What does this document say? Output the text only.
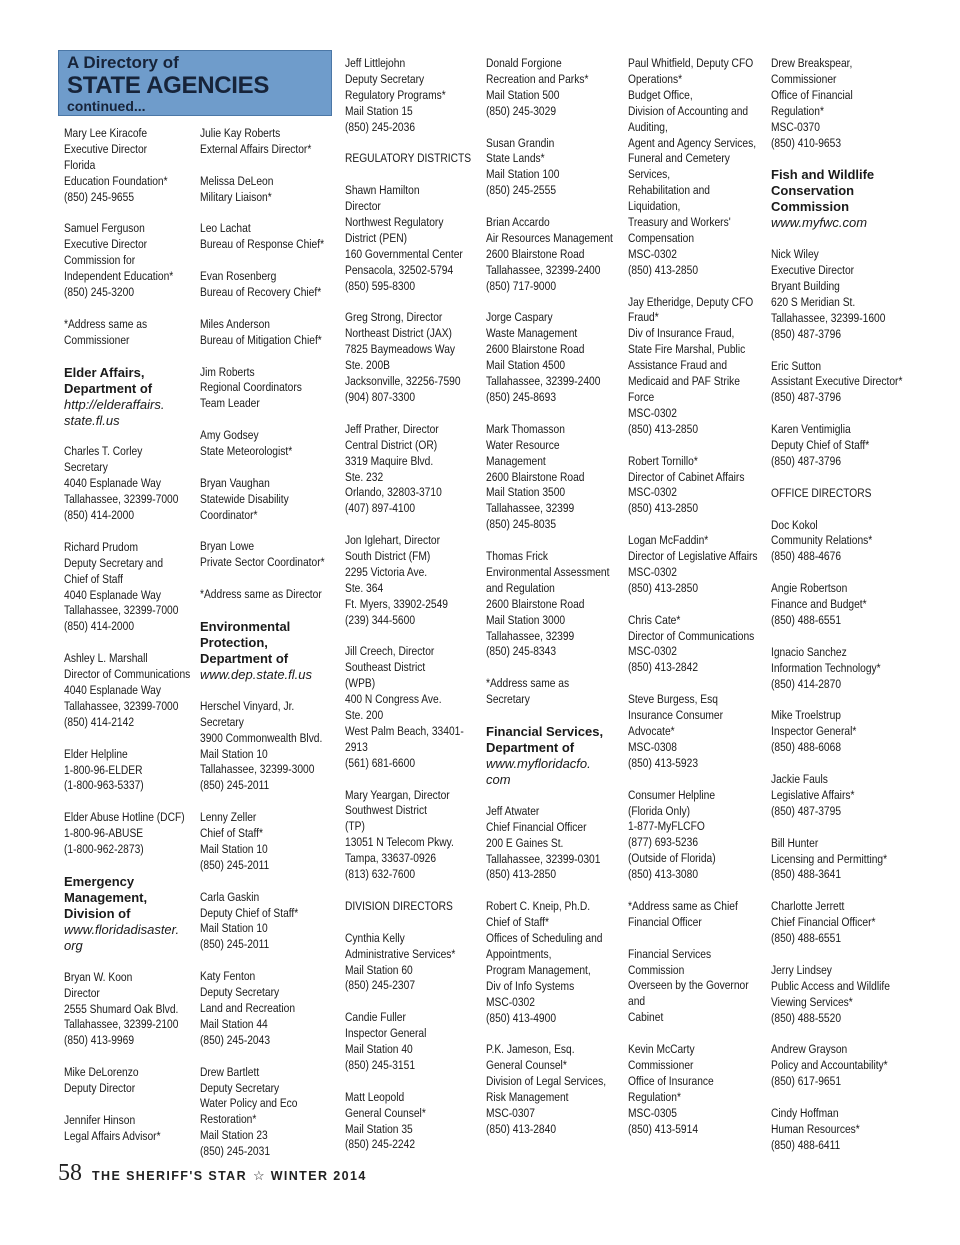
A Directory of
STATE AGENCIES
continued...
Mary Lee Kiracofe
Executive Director
Florida
Education Foundation*
(850) 245-9655
Samuel Ferguson
Executive Director
Commission for
Independent Education*
(850) 245-3200
*Address same as
Commissioner
Elder Affairs,
Department of
http://elderaffairs.
state.fl.us
Charles T. Corley
Secretary
4040 Esplanade Way
Tallahassee, 32399-7000
(850) 414-2000
Richard Prudom
Deputy Secretary and
Chief of Staff
4040 Esplanade Way
Tallahassee, 32399-7000
(850) 414-2000
Ashley L. Marshall
Director of Communications
4040 Esplanade Way
Tallahassee, 32399-7000
(850) 414-2142
Elder Helpline
1-800-96-ELDER
(1-800-963-5337)
Elder Abuse Hotline (DCF)
1-800-96-ABUSE
(1-800-962-2873)
Emergency
Management,
Division of
www.floridadisaster.
org
Bryan W. Koon
Director
2555 Shumard Oak Blvd.
Tallahassee, 32399-2100
(850) 413-9969
Mike DeLorenzo
Deputy Director
Jennifer Hinson
Legal Affairs Advisor*
Julie Kay Roberts
External Affairs Director*
Melissa DeLeon
Military Liaison*
Leo Lachat
Bureau of Response Chief*
Evan Rosenberg
Bureau of Recovery Chief*
Miles Anderson
Bureau of Mitigation Chief*
Jim Roberts
Regional Coordinators
Team Leader
Amy Godsey
State Meteorologist*
Bryan Vaughan
Statewide Disability
Coordinator*
Bryan Lowe
Private Sector Coordinator*
*Address same as Director
Environmental
Protection,
Department of
www.dep.state.fl.us
Herschel Vinyard, Jr.
Secretary
3900 Commonwealth Blvd.
Mail Station 10
Tallahassee, 32399-3000
(850) 245-2011
Lenny Zeller
Chief of Staff*
Mail Station 10
(850) 245-2011
Carla Gaskin
Deputy Chief of Staff*
Mail Station 10
(850) 245-2011
Katy Fenton
Deputy Secretary
Land and Recreation
Mail Station 44
(850) 245-2043
Drew Bartlett
Deputy Secretary
Water Policy and Eco
Restoration*
Mail Station 23
(850) 245-2031
Jeff Littlejohn
Deputy Secretary
Regulatory Programs*
Mail Station 15
(850) 245-2036
REGULATORY DISTRICTS
Shawn Hamilton
Director
Northwest Regulatory
District (PEN)
160 Governmental Center
Pensacola, 32502-5794
(850) 595-8300
Greg Strong, Director
Northeast District (JAX)
7825 Baymeadows Way
Ste. 200B
Jacksonville, 32256-7590
(904) 807-3300
Jeff Prather, Director
Central District (OR)
3319 Maquire Blvd.
Ste. 232
Orlando, 32803-3710
(407) 897-4100
Jon Iglehart, Director
South District (FM)
2295 Victoria Ave.
Ste. 364
Ft. Myers, 33902-2549
(239) 344-5600
Jill Creech, Director
Southeast District
(WPB)
400 N Congress Ave.
Ste. 200
West Palm Beach, 33401-
2913
(561) 681-6600
Mary Yeargan, Director
Southwest District
(TP)
13051 N Telecom Pkwy.
Tampa, 33637-0926
(813) 632-7600
DIVISION DIRECTORS
Cynthia Kelly
Administrative Services*
Mail Station 60
(850) 245-2307
Candie Fuller
Inspector General
Mail Station 40
(850) 245-3151
Matt Leopold
General Counsel*
Mail Station 35
(850) 245-2242
Donald Forgione
Recreation and Parks*
Mail Station 500
(850) 245-3029
Susan Grandin
State Lands*
Mail Station 100
(850) 245-2555
Brian Accardo
Air Resources Management
2600 Blairstone Road
Tallahassee, 32399-2400
(850) 717-9000
Jorge Caspary
Waste Management
2600 Blairstone Road
Mail Station 4500
Tallahassee, 32399-2400
(850) 245-8693
Mark Thomasson
Water Resource Management
2600 Blairstone Road
Mail Station 3500
Tallahassee, 32399
(850) 245-8035
Thomas Frick
Environmental Assessment
and Regulation
2600 Blairstone Road
Mail Station 3000
Tallahassee, 32399
(850) 245-8343
*Address same as
Secretary
Financial Services,
Department of
www.myfloridacfo.
com
Jeff Atwater
Chief Financial Officer
200 E Gaines St.
Tallahassee, 32399-0301
(850) 413-2850
Robert C. Kneip, Ph.D.
Chief of Staff*
Offices of Scheduling and
Appointments,
Program Management,
Div of Info Systems
MSC-0302
(850) 413-4900
P.K. Jameson, Esq.
General Counsel*
Division of Legal Services,
Risk Management
MSC-0307
(850) 413-2840
Paul Whitfield, Deputy CFO
Operations*
Budget Office,
Division of Accounting and
Auditing,
Agent and Agency Services,
Funeral and Cemetery
Services,
Rehabilitation and Liquidation,
Treasury and Workers'
Compensation
MSC-0302
(850) 413-2850
Jay Etheridge, Deputy CFO
Fraud*
Div of Insurance Fraud,
State Fire Marshal, Public
Assistance Fraud and
Medicaid and PAF Strike Force
MSC-0302
(850) 413-2850
Robert Tornillo*
Director of Cabinet Affairs
MSC-0302
(850) 413-2850
Logan McFaddin*
Director of Legislative Affairs
MSC-0302
(850) 413-2850
Chris Cate*
Director of Communications
MSC-0302
(850) 413-2842
Steve Burgess, Esq
Insurance Consumer
Advocate*
MSC-0308
(850) 413-5923
Consumer Helpline
(Florida Only)
1-877-MyFLCFO
(877) 693-5236
(Outside of Florida)
(850) 413-3080
*Address same as Chief
Financial Officer
Financial Services Commission
Overseen by the Governor and
Cabinet
Kevin McCarty
Commissioner
Office of Insurance
Regulation*
MSC-0305
(850) 413-5914
Drew Breakspear,
Commissioner
Office of Financial
Regulation*
MSC-0370
(850) 410-9653
Fish and Wildlife
Conservation
Commission
www.myfwc.com
Nick Wiley
Executive Director
Bryant Building
620 S Meridian St.
Tallahassee, 32399-1600
(850) 487-3796
Eric Sutton
Assistant Executive Director*
(850) 487-3796
Karen Ventimiglia
Deputy Chief of Staff*
(850) 487-3796
OFFICE DIRECTORS
Doc Kokol
Community Relations*
(850) 488-4676
Angie Robertson
Finance and Budget*
(850) 488-6551
Ignacio Sanchez
Information Technology*
(850) 414-2870
Mike Troelstrup
Inspector General*
(850) 488-6068
Jackie Fauls
Legislative Affairs*
(850) 487-3795
Bill Hunter
Licensing and Permitting*
(850) 488-3641
Charlotte Jerrett
Chief Financial Officer*
(850) 488-6551
Jerry Lindsey
Public Access and Wildlife
Viewing Services*
(850) 488-5520
Andrew Grayson
Policy and Accountability*
(850) 617-9651
Cindy Hoffman
Human Resources*
(850) 488-6411
58 THE SHERIFF'S STAR ☆ WINTER 2014
